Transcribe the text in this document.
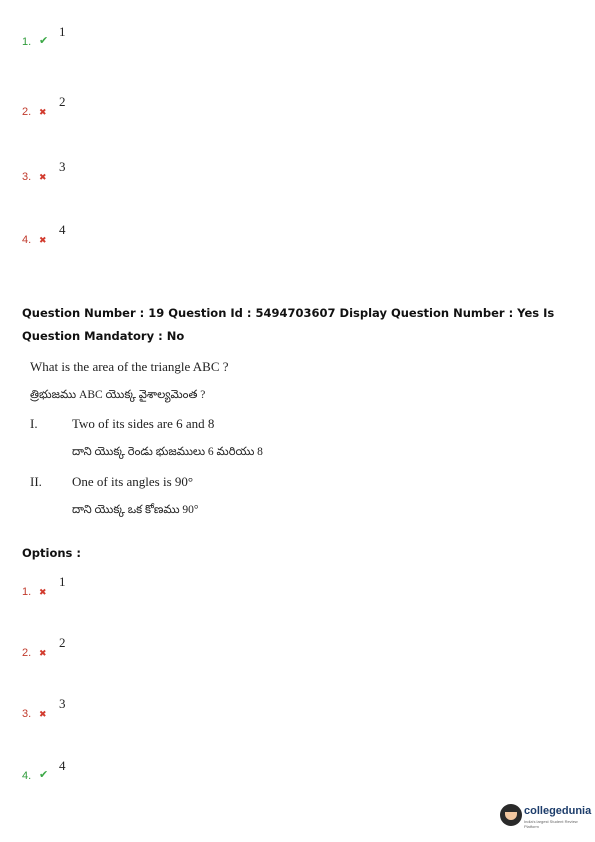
1. ✔
1
2. ✖
2
3. ✖
3
4. ✖
4
Question Number : 19 Question Id : 5494703607 Display Question Number : Yes Is Question Mandatory : No
What is the area of the triangle ABC ?
త్రిభుజము ABC యొక్క వైశాల్యమెంత ?
I.	Two of its sides are 6 and 8
దాని యొక్క రెండు భుజములు 6 మరియు 8
II. One of its angles is 90°
దాని యొక్క ఒక కోణము 90°
Options :
1. ✖
1
2. ✖
2
3. ✖
3
4. ✔
4
collegedunia
India's largest Student Review Platform
